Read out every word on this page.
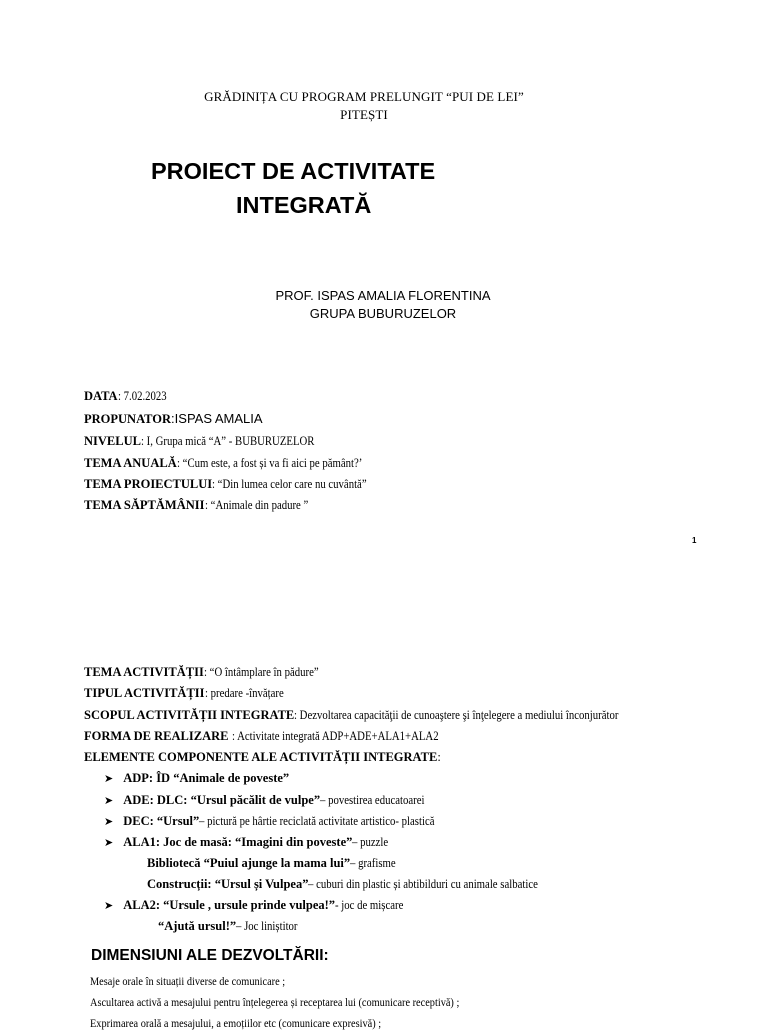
GRĂDINIȚA CU PROGRAM PRELUNGIT “PUI DE LEI”
PITEȘTI
PROIECT DE ACTIVITATE
INTEGRATĂ
PROF. ISPAS AMALIA FLORENTINA
GRUPA BUBURUZELOR
DATA: 7.02.2023
PROPUNATOR:ISPAS AMALIA
NIVELUL: I, Grupa mică “A” - BUBURUZELOR
TEMA ANUALĂ: “Cum este, a fost și va fi aici pe pământ?’
TEMA PROIECTULUI: “Din lumea celor care nu cuvântă”
TEMA SĂPTĂMÂNII: “Animale din padure ”
1
TEMA ACTIVITĂȚII: “O întâmplare în pădure”
TIPUL ACTIVITĂȚII: predare -învățare
SCOPUL ACTIVITĂȚII INTEGRATE: Dezvoltarea capacităţii de cunoaştere şi înţelegere a mediului înconjurător
FORMA DE REALIZARE : Activitate integrată ADP+ADE+ALA1+ALA2
ELEMENTE COMPONENTE ALE ACTIVITĂȚII INTEGRATE:
➤ ADP: ÎD “Animale de poveste”
➤ ADE: DLC: “Ursul păcălit de vulpe”– povestirea educatoarei
➤ DEC: “Ursul”– pictură pe hârtie reciclată activitate artistico- plastică
➤ ALA1: Joc de masă: “Imagini din poveste”– puzzle
Bibliotecă “Puiul ajunge la mama lui”– grafisme
Construcții: “Ursul și Vulpea”– cuburi din plastic și abtibilduri cu animale salbatice
➤ ALA2: “Ursule , ursule prinde vulpea!”- joc de mișcare
“Ajută ursul!”– Joc liniștitor
DIMENSIUNI ALE DEZVOLTĂRII:
Mesaje orale în situații diverse de comunicare ;
Ascultarea activă a mesajului pentru înțelegerea și receptarea lui (comunicare receptivă) ;
Exprimarea orală a mesajului, a emoțiilor etc (comunicare expresivă) ;
